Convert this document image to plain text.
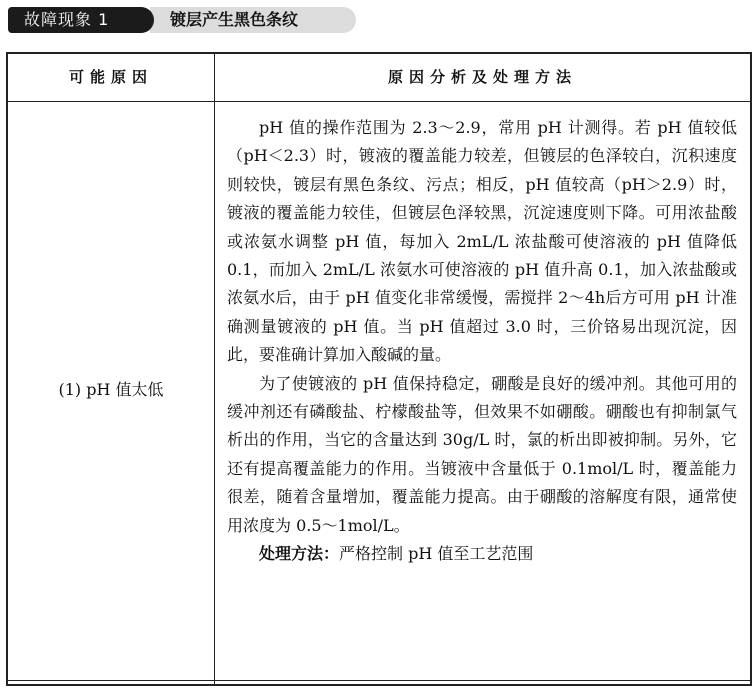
镀层产生黑色条纹
故障现象 1
可能原因	原因分析及处理方法
(1) pH 值太低

pH 值的操作范围为 2.3～2.9，常用 pH 计测得。若 pH 值较低（pH＜2.3）时，镀液的覆盖能力较差，但镀层的色泽较白，沉积速度则较快，镀层有黑色条纹、污点；相反，pH 值较高（pH＞2.9）时，镀液的覆盖能力较佳，但镀层色泽较黑，沉淀速度则下降。可用浓盐酸或浓氨水调整 pH 值，每加入 2mL/L 浓盐酸可使溶液的 pH 值降低 0.1，而加入 2mL/L 浓氨水可使溶液的 pH 值升高 0.1，加入浓盐酸或浓氨水后，由于 pH 值变化非常缓慢，需搅拌 2～4h后方可用 pH 计准确测量镀液的 pH 值。当 pH 值超过 3.0 时，三价铬易出现沉淀，因此，要准确计算加入酸碱的量。

为了使镀液的 pH 值保持稳定，硼酸是良好的缓冲剂。其他可用的缓冲剂还有磷酸盐、柠檬酸盐等，但效果不如硼酸。硼酸也有抑制氯气析出的作用，当它的含量达到 30g/L 时，氯的析出即被抑制。另外，它还有提高覆盖能力的作用。当镀液中含量低于 0.1mol/L 时，覆盖能力很差，随着含量增加，覆盖能力提高。由于硼酸的溶解度有限，通常使用浓度为 0.5～1mol/L。

处理方法：严格控制 pH 值至工艺范围
